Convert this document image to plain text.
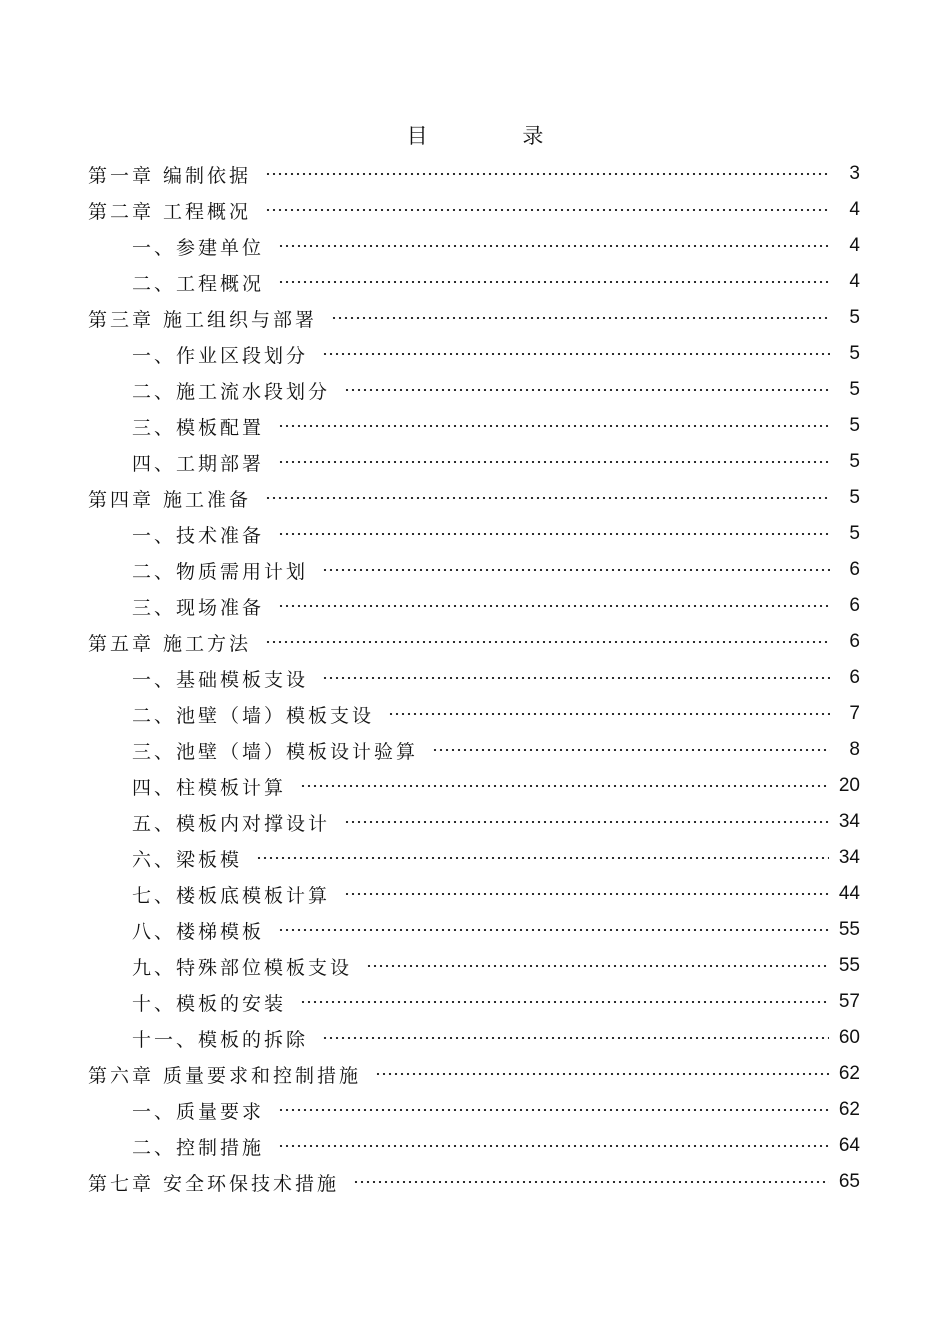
目 录
第一章 编制依据	3
第二章 工程概况	4
一、参建单位	4
二、工程概况	4
第三章 施工组织与部署	5
一、作业区段划分	5
二、施工流水段划分	5
三、模板配置	5
四、工期部署	5
第四章 施工准备	5
一、技术准备	5
二、物质需用计划	6
三、现场准备	6
第五章 施工方法	6
一、基础模板支设	6
二、池壁（墙）模板支设	7
三、池壁（墙）模板设计验算	8
四、柱模板计算	20
五、模板内对撑设计	34
六、梁板模	34
七、楼板底模板计算	44
八、楼梯模板	55
九、特殊部位模板支设	55
十、模板的安装	57
十一、模板的拆除	60
第六章 质量要求和控制措施	62
一、质量要求	62
二、控制措施	64
第七章 安全环保技术措施	65
